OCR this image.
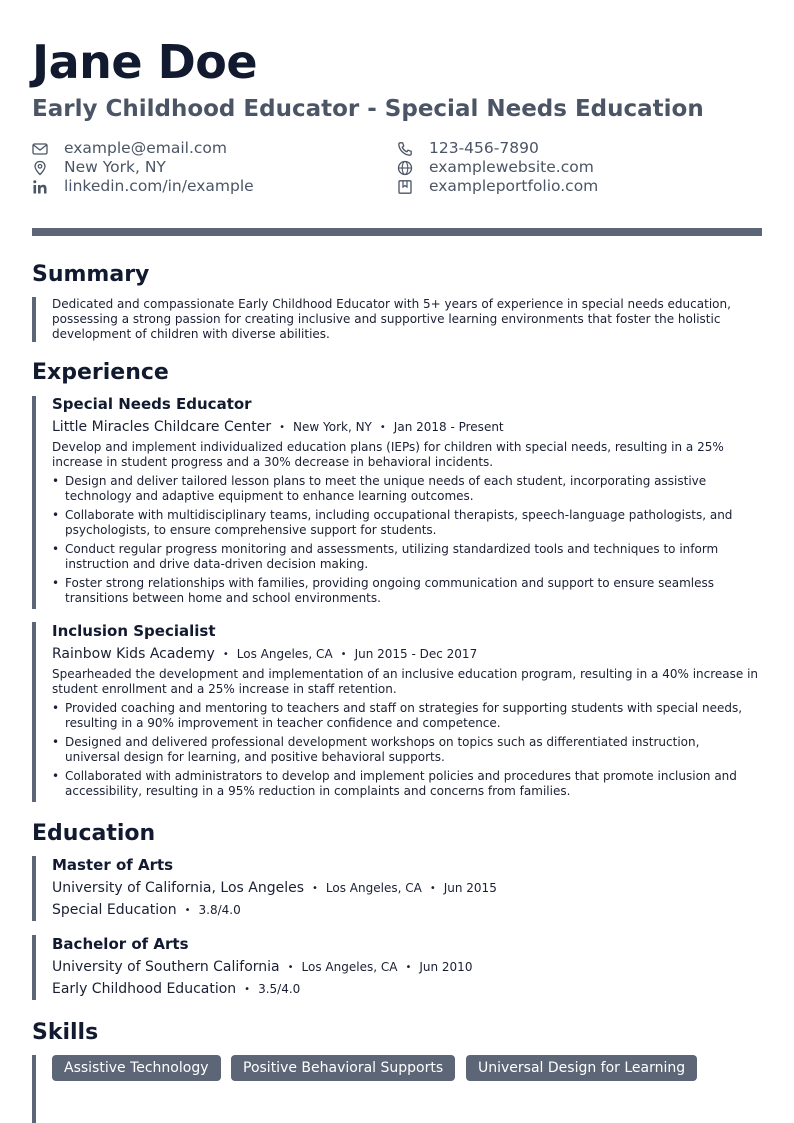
Jane Doe
Early Childhood Educator - Special Needs Education
example@email.com
New York, NY
linkedin.com/in/example
123-456-7890
examplewebsite.com
exampleportfolio.com
Summary
Dedicated and compassionate Early Childhood Educator with 5+ years of experience in special needs education, possessing a strong passion for creating inclusive and supportive learning environments that foster the holistic development of children with diverse abilities.
Experience
Special Needs Educator
Little Miracles Childcare Center • New York, NY • Jan 2018 - Present
Develop and implement individualized education plans (IEPs) for children with special needs, resulting in a 25% increase in student progress and a 30% decrease in behavioral incidents.
• Design and deliver tailored lesson plans to meet the unique needs of each student, incorporating assistive technology and adaptive equipment to enhance learning outcomes.
• Collaborate with multidisciplinary teams, including occupational therapists, speech-language pathologists, and psychologists, to ensure comprehensive support for students.
• Conduct regular progress monitoring and assessments, utilizing standardized tools and techniques to inform instruction and drive data-driven decision making.
• Foster strong relationships with families, providing ongoing communication and support to ensure seamless transitions between home and school environments.
Inclusion Specialist
Rainbow Kids Academy • Los Angeles, CA • Jun 2015 - Dec 2017
Spearheaded the development and implementation of an inclusive education program, resulting in a 40% increase in student enrollment and a 25% increase in staff retention.
• Provided coaching and mentoring to teachers and staff on strategies for supporting students with special needs, resulting in a 90% improvement in teacher confidence and competence.
• Designed and delivered professional development workshops on topics such as differentiated instruction, universal design for learning, and positive behavioral supports.
• Collaborated with administrators to develop and implement policies and procedures that promote inclusion and accessibility, resulting in a 95% reduction in complaints and concerns from families.
Education
Master of Arts
University of California, Los Angeles • Los Angeles, CA • Jun 2015
Special Education • 3.8/4.0
Bachelor of Arts
University of Southern California • Los Angeles, CA • Jun 2010
Early Childhood Education • 3.5/4.0
Skills
Assistive Technology	Positive Behavioral Supports	Universal Design for Learning
